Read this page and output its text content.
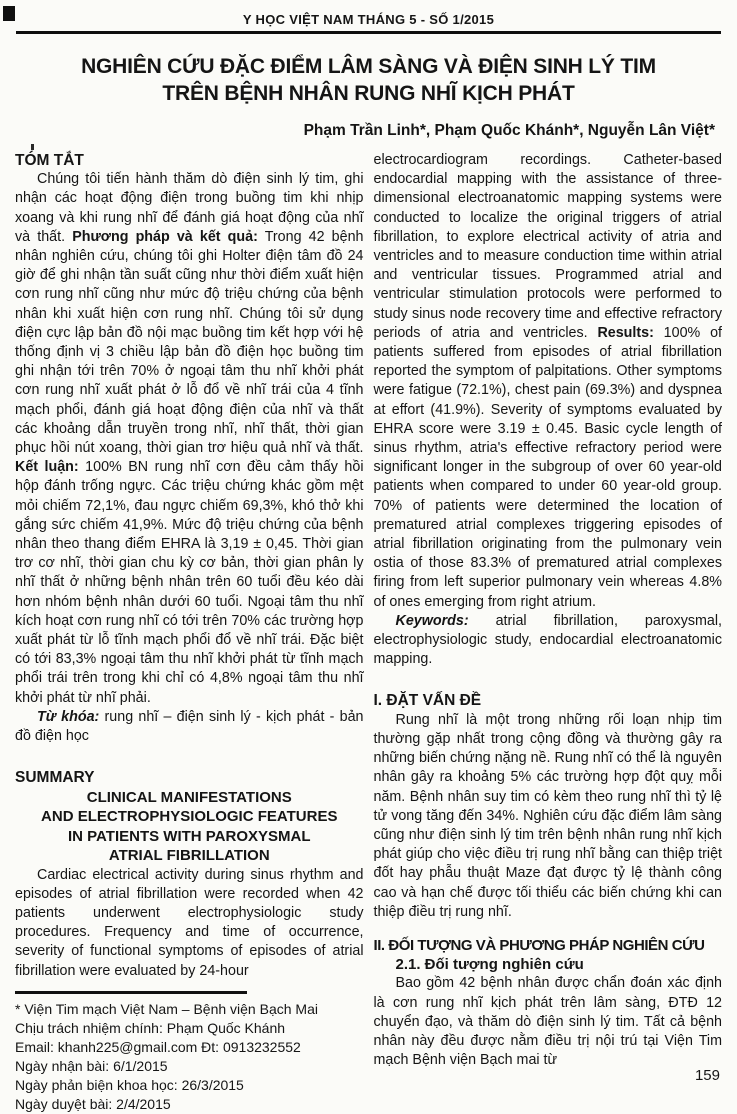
Y HỌC VIỆT NAM THÁNG 5 - SỐ 1/2015
NGHIÊN CỨU ĐẶC ĐIỂM LÂM SÀNG VÀ ĐIỆN SINH LÝ TIM
TRÊN BỆNH NHÂN RUNG NHĨ KỊCH PHÁT
Phạm Trần Linh*, Phạm Quốc Khánh*, Nguyễn Lân Việt*
TÓM TẮT

Chúng tôi tiến hành thăm dò điện sinh lý tim, ghi nhận các hoạt động điện trong buồng tim khi nhịp xoang và khi rung nhĩ để đánh giá hoạt động của nhĩ và thất. Phương pháp và kết quả: Trong 42 bệnh nhân nghiên cứu, chúng tôi ghi Holter điện tâm đồ 24 giờ để ghi nhận tần suất cũng như thời điểm xuất hiện cơn rung nhĩ cũng như mức độ triệu chứng của bệnh nhân khi xuất hiện cơn rung nhĩ. Chúng tôi sử dụng điện cực lập bản đồ nội mạc buồng tim kết hợp với hệ thống định vị 3 chiều lập bản đồ điện học buồng tim ghi nhận tới trên 70% ở ngoại tâm thu nhĩ khởi phát cơn rung nhĩ xuất phát ở lỗ đổ về nhĩ trái của 4 tĩnh mạch phổi, đánh giá hoạt động điện của nhĩ và thất các khoảng dẫn truyền trong nhĩ, nhĩ thất, thời gian phục hồi nút xoang, thời gian trơ hiệu quả nhĩ và thất. Kết luận: 100% BN rung nhĩ cơn đều cảm thấy hồi hộp đánh trống ngực. Các triệu chứng khác gồm mệt mỏi chiếm 72,1%, đau ngực chiếm 69,3%, khó thở khi gắng sức chiếm 41,9%. Mức độ triệu chứng của bệnh nhân theo thang điểm EHRA là 3,19 ± 0,45. Thời gian trơ cơ nhĩ, thời gian chu kỳ cơ bản, thời gian phân ly nhĩ thất ở những bệnh nhân trên 60 tuổi đều kéo dài hơn nhóm bệnh nhân dưới 60 tuổi. Ngoại tâm thu nhĩ kích hoạt cơn rung nhĩ có tới trên 70% các trường hợp xuất phát từ lỗ tĩnh mạch phổi đổ về nhĩ trái. Đặc biệt có tới 83,3% ngoại tâm thu nhĩ khởi phát từ tĩnh mạch phổi trái trên trong khi chỉ có 4,8% ngoại tâm thu nhĩ khởi phát từ nhĩ phải.

Từ khóa: rung nhĩ – điện sinh lý - kịch phát - bản đồ điện học

SUMMARY
CLINICAL MANIFESTATIONS
AND ELECTROPHYSIOLOGIC FEATURES
IN PATIENTS WITH PAROXYSMAL
ATRIAL FIBRILLATION

Cardiac electrical activity during sinus rhythm and episodes of atrial fibrillation were recorded when 42 patients underwent electrophysiologic study procedures. Frequency and time of occurrence, severity of functional symptoms of episodes of atrial fibrillation were evaluated by 24-hour

* Viện Tim mạch Việt Nam – Bệnh viện Bạch Mai
Chịu trách nhiệm chính: Phạm Quốc Khánh
Email: khanh225@gmail.com Đt: 0913232552
Ngày nhận bài: 6/1/2015
Ngày phản biện khoa học: 26/3/2015
Ngày duyệt bài: 2/4/2015

electrocardiogram recordings. Catheter-based endocardial mapping with the assistance of three-dimensional electroanatomic mapping systems were conducted to localize the original triggers of atrial fibrillation, to explore electrical activity of atria and ventricles and to measure conduction time within atrial and ventricular tissues. Programmed atrial and ventricular stimulation protocols were performed to study sinus node recovery time and effective refractory periods of atria and ventricles. Results: 100% of patients suffered from episodes of atrial fibrillation reported the symptom of palpitations. Other symptoms were fatigue (72.1%), chest pain (69.3%) and dyspnea at effort (41.9%). Severity of symptoms evaluated by EHRA score were 3.19 ± 0.45. Basic cycle length of sinus rhythm, atria's effective refractory period were significant longer in the subgroup of over 60 year-old patients when compared to under 60 year-old group. 70% of patients were determined the location of prematured atrial complexes triggering episodes of atrial fibrillation originating from the pulmonary vein ostia of those 83.3% of prematured atrial complexes firing from left superior pulmonary vein whereas 4.8% of ones emerging from right atrium.

Keywords: atrial fibrillation, paroxysmal, electrophysiologic study, endocardial electroanatomic mapping.

I. ĐẶT VẤN ĐỀ

Rung nhĩ là một trong những rối loạn nhịp tim thường gặp nhất trong cộng đồng và thường gây ra những biến chứng nặng nề. Rung nhĩ có thể là nguyên nhân gây ra khoảng 5% các trường hợp đột quỵ mỗi năm. Bệnh nhân suy tim có kèm theo rung nhĩ thì tỷ lệ tử vong tăng đến 34%. Nghiên cứu đặc điểm lâm sàng cũng như điện sinh lý tim trên bệnh nhân rung nhĩ kịch phát giúp cho việc điều trị rung nhĩ bằng can thiệp triệt đốt hay phẫu thuật Maze đạt được tỷ lệ thành công cao và hạn chế được tối thiểu các biến chứng khi can thiệp điều trị rung nhĩ.

II. ĐỐI TƯỢNG VÀ PHƯƠNG PHÁP NGHIÊN CỨU
2.1. Đối tượng nghiên cứu

Bao gồm 42 bệnh nhân được chẩn đoán xác định là cơn rung nhĩ kịch phát trên lâm sàng, ĐTĐ 12 chuyển đạo, và thăm dò điện sinh lý tim. Tất cả bệnh nhân này đều được nằm điều trị nội trú tại Viện Tim mạch Bệnh viện Bạch mai từ

159
